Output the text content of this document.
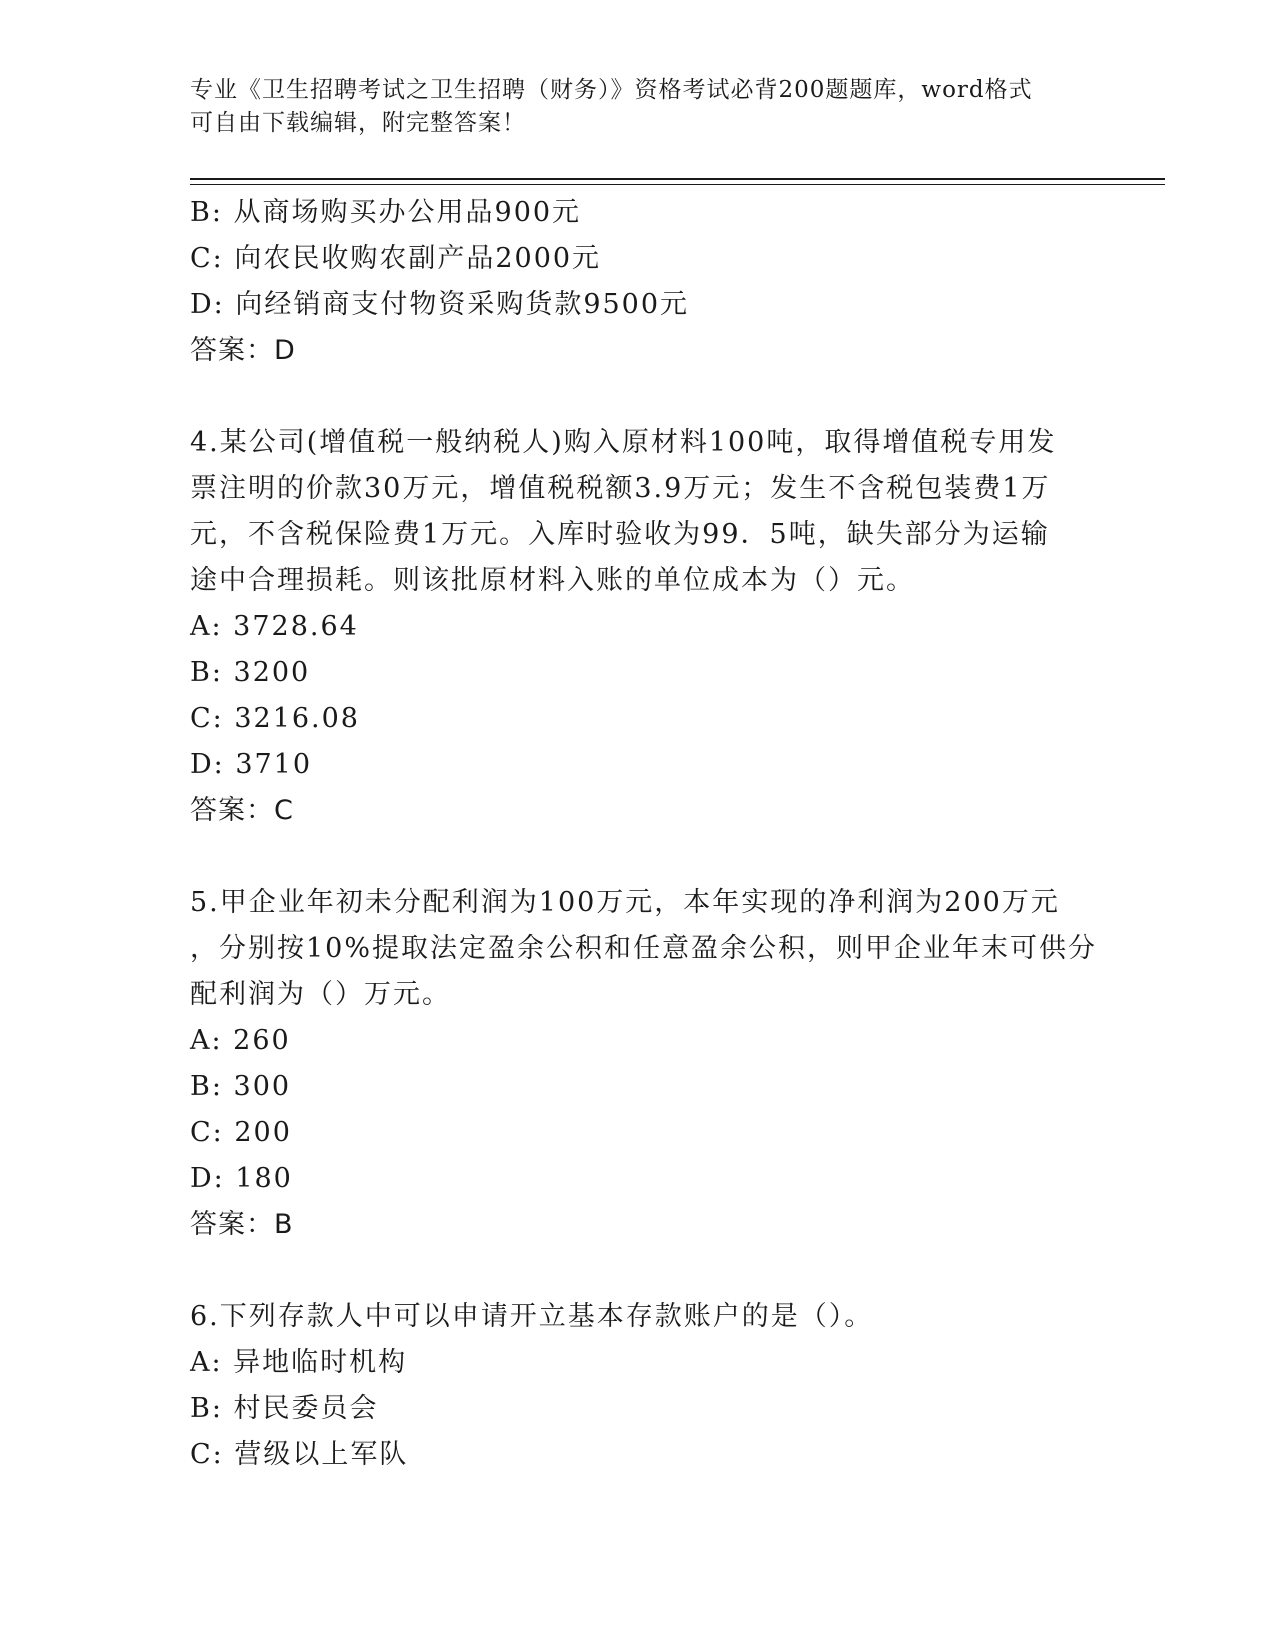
专业《卫生招聘考试之卫生招聘（财务）》资格考试必背200题题库，word格式
可自由下载编辑，附完整答案！
B: 从商场购买办公用品900元
C: 向农民收购农副产品2000元
D: 向经销商支付物资采购货款9500元
答案：D
4.某公司(增值税一般纳税人)购入原材料100吨，取得增值税专用发
票注明的价款30万元，增值税税额3.9万元；发生不含税包装费1万
元，不含税保险费1万元。入库时验收为99．5吨，缺失部分为运输
途中合理损耗。则该批原材料入账的单位成本为（）元。
A: 3728.64
B: 3200
C: 3216.08
D: 3710
答案：C
5.甲企业年初未分配利润为100万元，本年实现的净利润为200万元
，分别按10%提取法定盈余公积和任意盈余公积，则甲企业年末可供分
配利润为（）万元。
A: 260
B: 300
C: 200
D: 180
答案：B
6.下列存款人中可以申请开立基本存款账户的是（）。
A: 异地临时机构
B: 村民委员会
C: 营级以上军队
